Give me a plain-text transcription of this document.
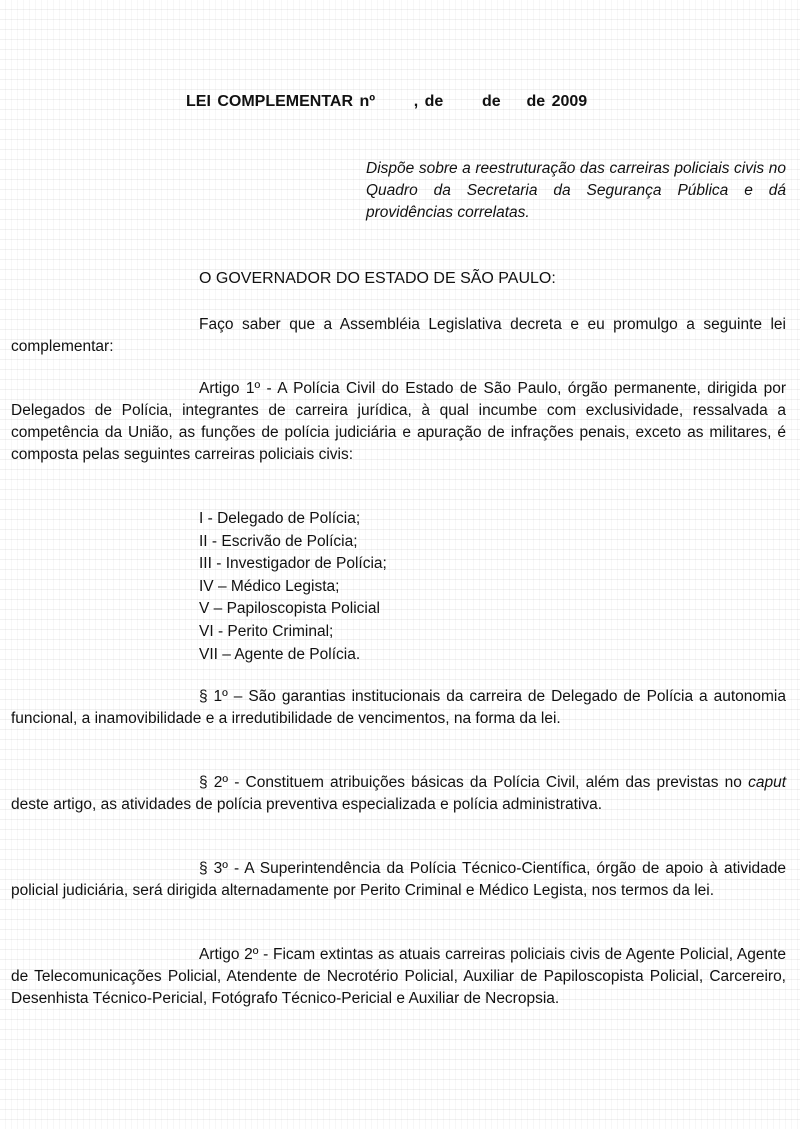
LEI COMPLEMENTAR nº      , de      de    de 2009

Dispõe sobre a reestruturação das carreiras policiais civis no Quadro da Secretaria da Segurança Pública e dá providências correlatas.

O GOVERNADOR DO ESTADO DE SÃO PAULO:

Faço saber que a Assembléia Legislativa decreta e eu promulgo a seguinte lei complementar:

Artigo 1º - A Polícia Civil do Estado de São Paulo, órgão permanente, dirigida por Delegados de Polícia, integrantes de carreira jurídica, à qual incumbe com exclusividade, ressalvada a competência da União, as funções de polícia judiciária e apuração de infrações penais, exceto as militares, é composta pelas seguintes carreiras policiais civis:

I - Delegado de Polícia;
II - Escrivão de Polícia;
III - Investigador de Polícia;
IV – Médico Legista;
V – Papiloscopista Policial
VI - Perito Criminal;
VII – Agente de Polícia.

§ 1º – São garantias institucionais da carreira de Delegado de Polícia a autonomia funcional, a inamovibilidade e a irredutibilidade de vencimentos, na forma da lei.

§ 2º - Constituem atribuições básicas da Polícia Civil, além das previstas no caput deste artigo, as atividades de polícia preventiva especializada e polícia administrativa.

§ 3º - A Superintendência da Polícia Técnico-Científica, órgão de apoio à atividade policial judiciária, será dirigida alternadamente por Perito Criminal e Médico Legista, nos termos da lei.

Artigo 2º - Ficam extintas as atuais carreiras policiais civis de Agente Policial, Agente de Telecomunicações Policial, Atendente de Necrotério Policial, Auxiliar de Papiloscopista Policial, Carcereiro, Desenhista Técnico-Pericial, Fotógrafo Técnico-Pericial e Auxiliar de Necropsia.
